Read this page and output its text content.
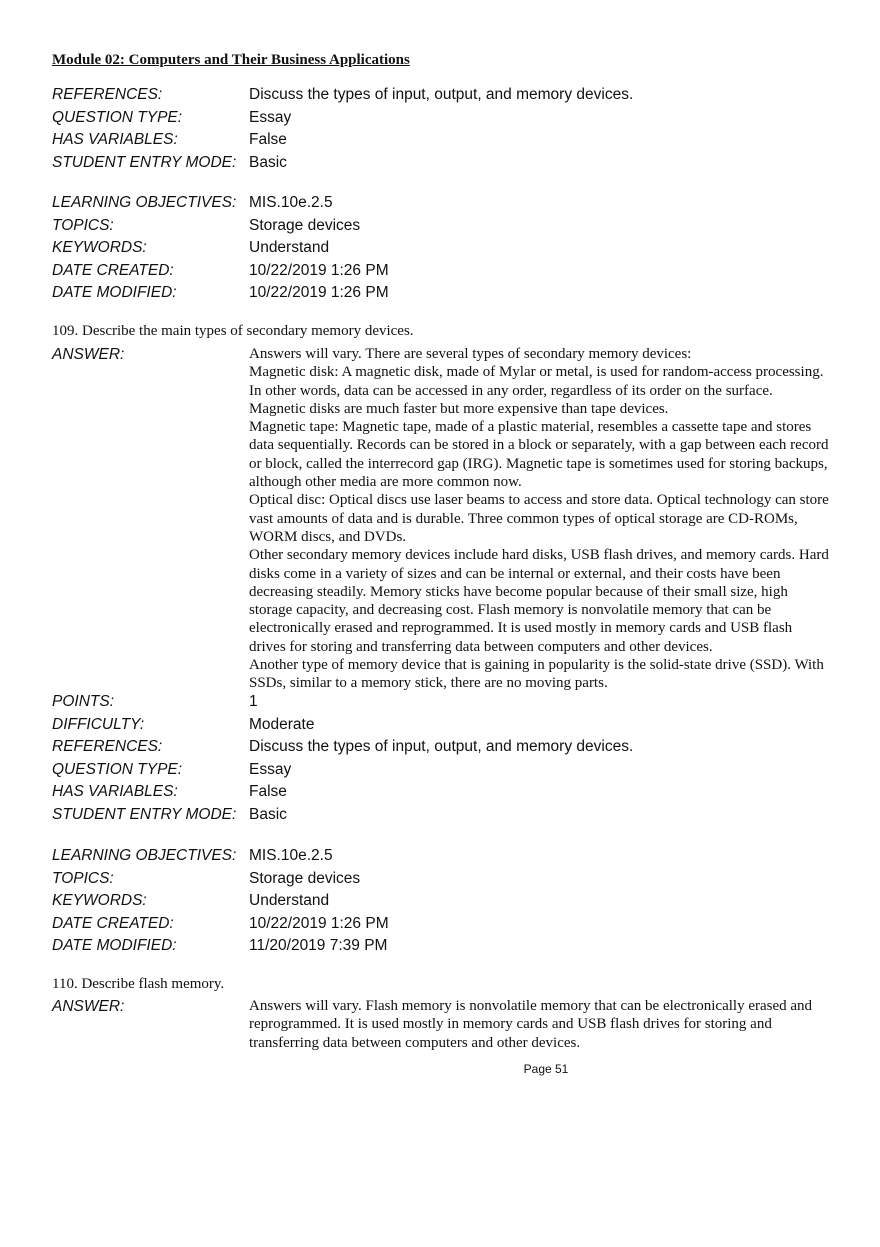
Module 02: Computers and Their Business Applications
REFERENCES:	Discuss the types of input, output, and memory devices.
QUESTION TYPE:	Essay
HAS VARIABLES:	False
STUDENT ENTRY MODE: Basic
LEARNING OBJECTIVES: MIS.10e.2.5
TOPICS:	Storage devices
KEYWORDS:	Understand
DATE CREATED:	10/22/2019 1:26 PM
DATE MODIFIED:	10/22/2019 1:26 PM
109. Describe the main types of secondary memory devices.
ANSWER:	Answers will vary. There are several types of secondary memory devices:

Magnetic disk: A magnetic disk, made of Mylar or metal, is used for random-access processing. In other words, data can be accessed in any order, regardless of its order on the surface. Magnetic disks are much faster but more expensive than tape devices.

Magnetic tape: Magnetic tape, made of a plastic material, resembles a cassette tape and stores data sequentially. Records can be stored in a block or separately, with a gap between each record or block, called the interrecord gap (IRG). Magnetic tape is sometimes used for storing backups, although other media are more common now.

Optical disc: Optical discs use laser beams to access and store data. Optical technology can store vast amounts of data and is durable. Three common types of optical storage are CD-ROMs, WORM discs, and DVDs.

Other secondary memory devices include hard disks, USB flash drives, and memory cards. Hard disks come in a variety of sizes and can be internal or external, and their costs have been decreasing steadily. Memory sticks have become popular because of their small size, high storage capacity, and decreasing cost. Flash memory is nonvolatile memory that can be electronically erased and reprogrammed. It is used mostly in memory cards and USB flash drives for storing and transferring data between computers and other devices.

Another type of memory device that is gaining in popularity is the solid-state drive (SSD). With SSDs, similar to a memory stick, there are no moving parts.

POINTS:	1
DIFFICULTY:	Moderate
REFERENCES:	Discuss the types of input, output, and memory devices.
QUESTION TYPE:	Essay
HAS VARIABLES:	False
STUDENT ENTRY MODE: Basic
LEARNING OBJECTIVES: MIS.10e.2.5
TOPICS:	Storage devices
KEYWORDS:	Understand
DATE CREATED:	10/22/2019 1:26 PM
DATE MODIFIED:	11/20/2019 7:39 PM
110. Describe flash memory.
ANSWER:	Answers will vary. Flash memory is nonvolatile memory that can be electronically erased and reprogrammed. It is used mostly in memory cards and USB flash drives for storing and transferring data between computers and other devices.

Page 51
